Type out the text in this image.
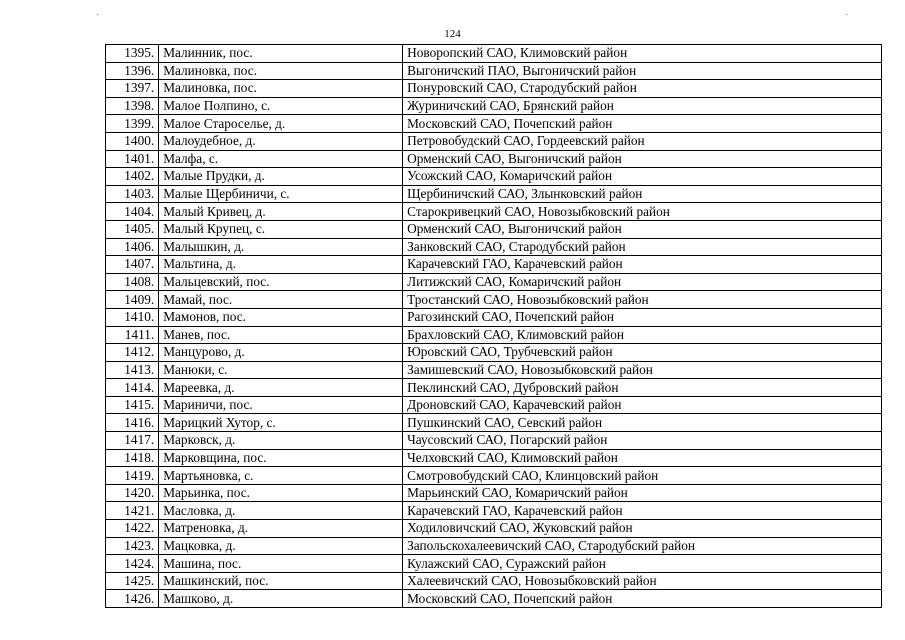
·	·
124
1395.	Малинник, пос.	Новоропский САО, Климовский район
1396.	Малиновка, пос.	Выгоничский ПАО, Выгоничский район
1397.	Малиновка, пос.	Понуровский САО, Стародубский район
1398.	Малое Полпино, с.	Журиничский САО, Брянский район
1399.	Малое Староселье, д.	Московский САО, Почепский район
1400.	Малоудебное, д.	Петровобудский САО, Гордеевский район
1401.	Малфа, с.	Орменский САО, Выгоничский район
1402.	Малые Прудки, д.	Усожский САО, Комаричский район
1403.	Малые Щербиничи, с.	Щербиничский САО, Злынковский район
1404.	Малый Кривец, д.	Старокривецкий САО, Новозыбковский район
1405.	Малый Крупец, с.	Орменский САО, Выгоничский район
1406.	Малышкин, д.	Занковский САО, Стародубский район
1407.	Мальтина, д.	Карачевский ГАО, Карачевский район
1408.	Мальцевский, пос.	Литижский САО, Комаричский район
1409.	Мамай, пос.	Тростанский САО, Новозыбковский район
1410.	Мамонов, пос.	Рагозинский САО, Почепский район
1411.	Манев, пос.	Брахловский САО, Климовский район
1412.	Манцурово, д.	Юровский САО, Трубчевский район
1413.	Манюки, с.	Замишевский САО, Новозыбковский район
1414.	Мареевка, д.	Пеклинский САО, Дубровский район
1415.	Мариничи, пос.	Дроновский САО, Карачевский район
1416.	Марицкий Хутор, с.	Пушкинский САО, Севский район
1417.	Марковск, д.	Чаусовский САО, Погарский район
1418.	Марковщина, пос.	Челховский САО, Климовский район
1419.	Мартьяновка, с.	Смотровобудский САО, Клинцовский район
1420.	Марьинка, пос.	Марьинский САО, Комаричский район
1421.	Масловка, д.	Карачевский ГАО, Карачевский район
1422.	Матреновка, д.	Ходиловичский САО, Жуковский район
1423.	Мацковка, д.	Запольскохалеевичский САО, Стародубский район
1424.	Машина, пос.	Кулажский САО, Суражский район
1425.	Машкинский, пос.	Халеевичский САО, Новозыбковский район
1426.	Машково, д.	Московский САО, Почепский район
